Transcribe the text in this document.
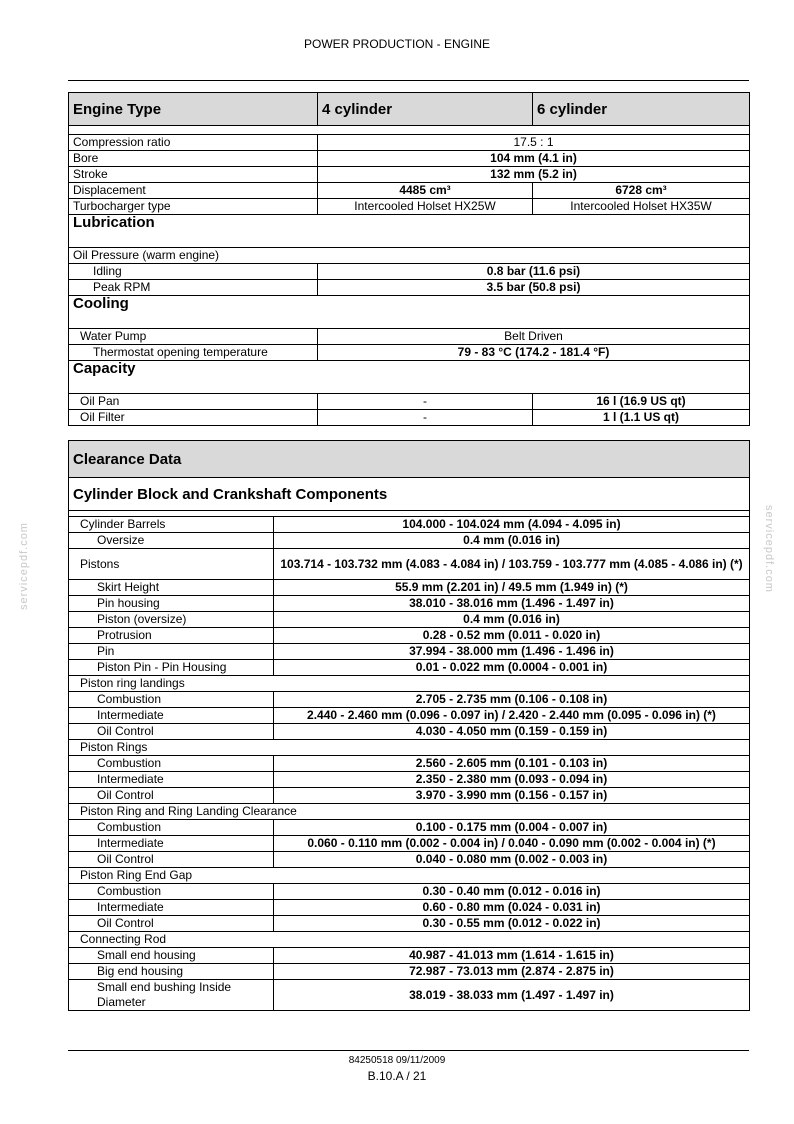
POWER PRODUCTION - ENGINE
Engine Type	4 cylinder	6 cylinder

Compression ratio	17.5 : 1	
Bore	104 mm (4.1 in)	
Stroke	132 mm (5.2 in)	
Displacement	4485 cm³	6728 cm³
Turbocharger type	Intercooled Holset HX25W	Intercooled Holset HX35W
Lubrication		
Oil Pressure (warm engine)		
Idling	0.8 bar (11.6 psi)	
Peak RPM	3.5 bar (50.8 psi)	
Cooling		
Water Pump	Belt Driven	
Thermostat opening temperature	79 - 83 °C (174.2 - 181.4 °F)	
Capacity		
Oil Pan	-	16 l (16.9 US qt)
Oil Filter	-	1 l (1.1 US qt)
Clearance Data	
Cylinder Block and Crankshaft Components	

Cylinder Barrels	104.000 - 104.024 mm (4.094 - 4.095 in)
Oversize	0.4 mm (0.016 in)
Pistons	103.714 - 103.732 mm (4.083 - 4.084 in) / 103.759 - 103.777 mm (4.085 - 4.086 in) (*)
Skirt Height	55.9 mm (2.201 in) / 49.5 mm (1.949 in) (*)
Pin housing	38.010 - 38.016 mm (1.496 - 1.497 in)
Piston (oversize)	0.4 mm (0.016 in)
Protrusion	0.28 - 0.52 mm (0.011 - 0.020 in)
Pin	37.994 - 38.000 mm (1.496 - 1.496 in)
Piston Pin - Pin Housing	0.01 - 0.022 mm (0.0004 - 0.001 in)
Piston ring landings	
Combustion	2.705 - 2.735 mm (0.106 - 0.108 in)
Intermediate	2.440 - 2.460 mm (0.096 - 0.097 in) / 2.420 - 2.440 mm (0.095 - 0.096 in) (*)
Oil Control	4.030 - 4.050 mm (0.159 - 0.159 in)
Piston Rings	
Combustion	2.560 - 2.605 mm (0.101 - 0.103 in)
Intermediate	2.350 - 2.380 mm (0.093 - 0.094 in)
Oil Control	3.970 - 3.990 mm (0.156 - 0.157 in)
Piston Ring and Ring Landing Clearance	
Combustion	0.100 - 0.175 mm (0.004 - 0.007 in)
Intermediate	0.060 - 0.110 mm (0.002 - 0.004 in) / 0.040 - 0.090 mm (0.002 - 0.004 in) (*)
Oil Control	0.040 - 0.080 mm (0.002 - 0.003 in)
Piston Ring End Gap	
Combustion	0.30 - 0.40 mm (0.012 - 0.016 in)
Intermediate	0.60 - 0.80 mm (0.024 - 0.031 in)
Oil Control	0.30 - 0.55 mm (0.012 - 0.022 in)
Connecting Rod	
Small end housing	40.987 - 41.013 mm (1.614 - 1.615 in)
Big end housing	72.987 - 73.013 mm (2.874 - 2.875 in)
Small end bushing Inside Diameter	38.019 - 38.033 mm (1.497 - 1.497 in)
servicepdf.com	servicepdf.com
84250518 09/11/2009
B.10.A / 21
